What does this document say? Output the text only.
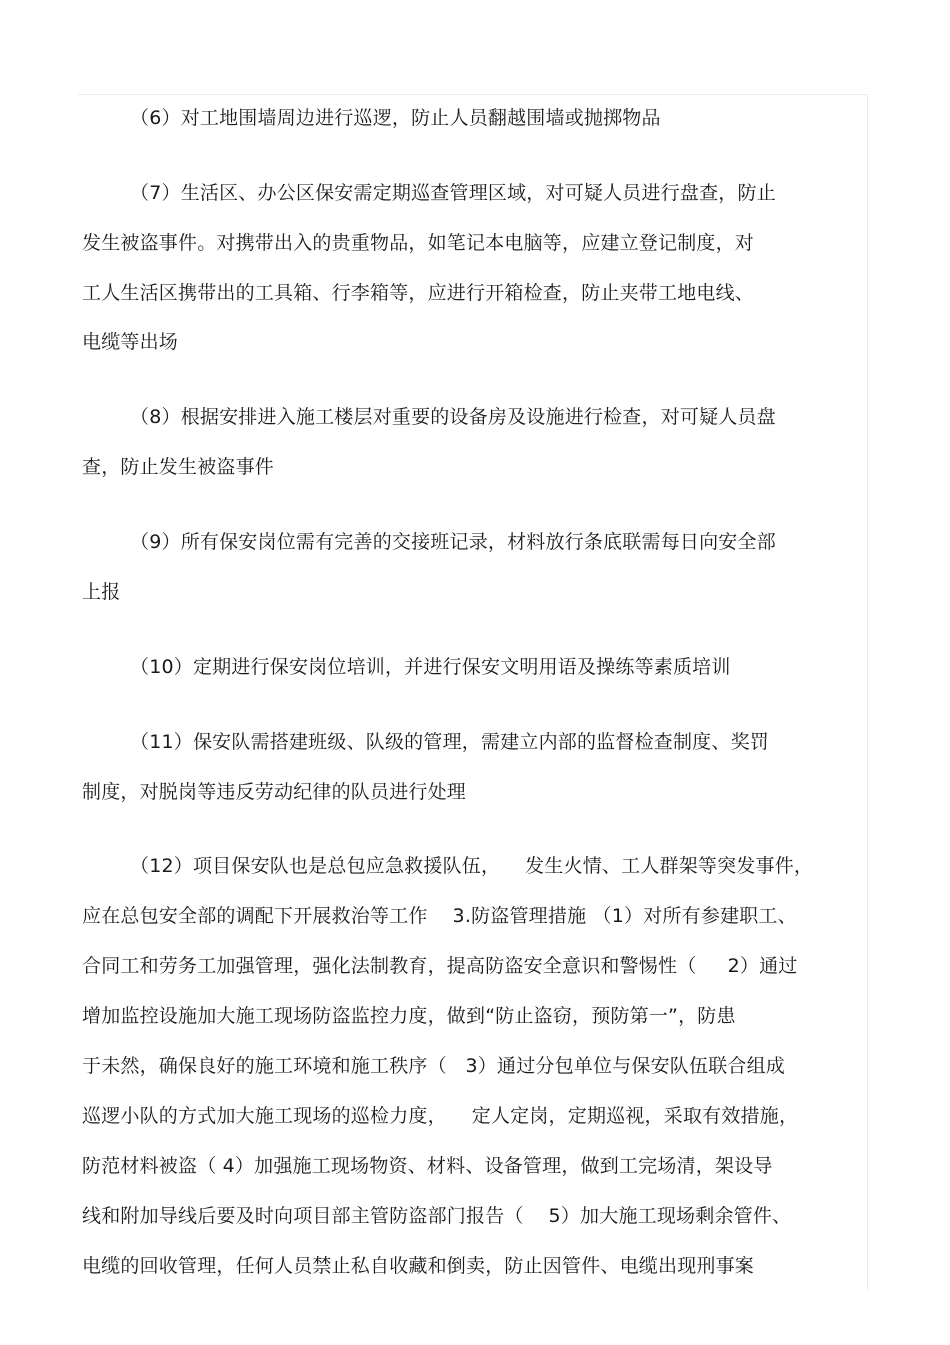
（6）对工地围墙周边进行巡逻，防止人员翻越围墙或抛掷物品
（7）生活区、办公区保安需定期巡查管理区域，对可疑人员进行盘查，防止
发生被盗事件。对携带出入的贵重物品，如笔记本电脑等，应建立登记制度，对
工人生活区携带出的工具箱、行李箱等，应进行开箱检查，防止夹带工地电线、
电缆等出场
（8）根据安排进入施工楼层对重要的设备房及设施进行检查，对可疑人员盘
查，防止发生被盗事件
（9）所有保安岗位需有完善的交接班记录，材料放行条底联需每日向安全部
上报
（10）定期进行保安岗位培训，并进行保安文明用语及操练等素质培训
（11）保安队需搭建班级、队级的管理，需建立内部的监督检查制度、奖罚
制度，对脱岗等违反劳动纪律的队员进行处理
（12）项目保安队也是总包应急救援队伍，    发生火情、工人群架等突发事件，
应在总包安全部的调配下开展救治等工作    3.防盗管理措施 （1）对所有参建职工、
合同工和劳务工加强管理，强化法制教育，提高防盗安全意识和警惕性（     2）通过
增加监控设施加大施工现场防盗监控力度，做到“防止盗窃，预防第一”，防患
于未然，确保良好的施工环境和施工秩序（   3）通过分包单位与保安队伍联合组成
巡逻小队的方式加大施工现场的巡检力度，    定人定岗，定期巡视，采取有效措施，
防范材料被盗（ 4）加强施工现场物资、材料、设备管理，做到工完场清，架设导
线和附加导线后要及时向项目部主管防盗部门报告（    5）加大施工现场剩余管件、
电缆的回收管理，任何人员禁止私自收藏和倒卖，防止因管件、电缆出现刑事案
